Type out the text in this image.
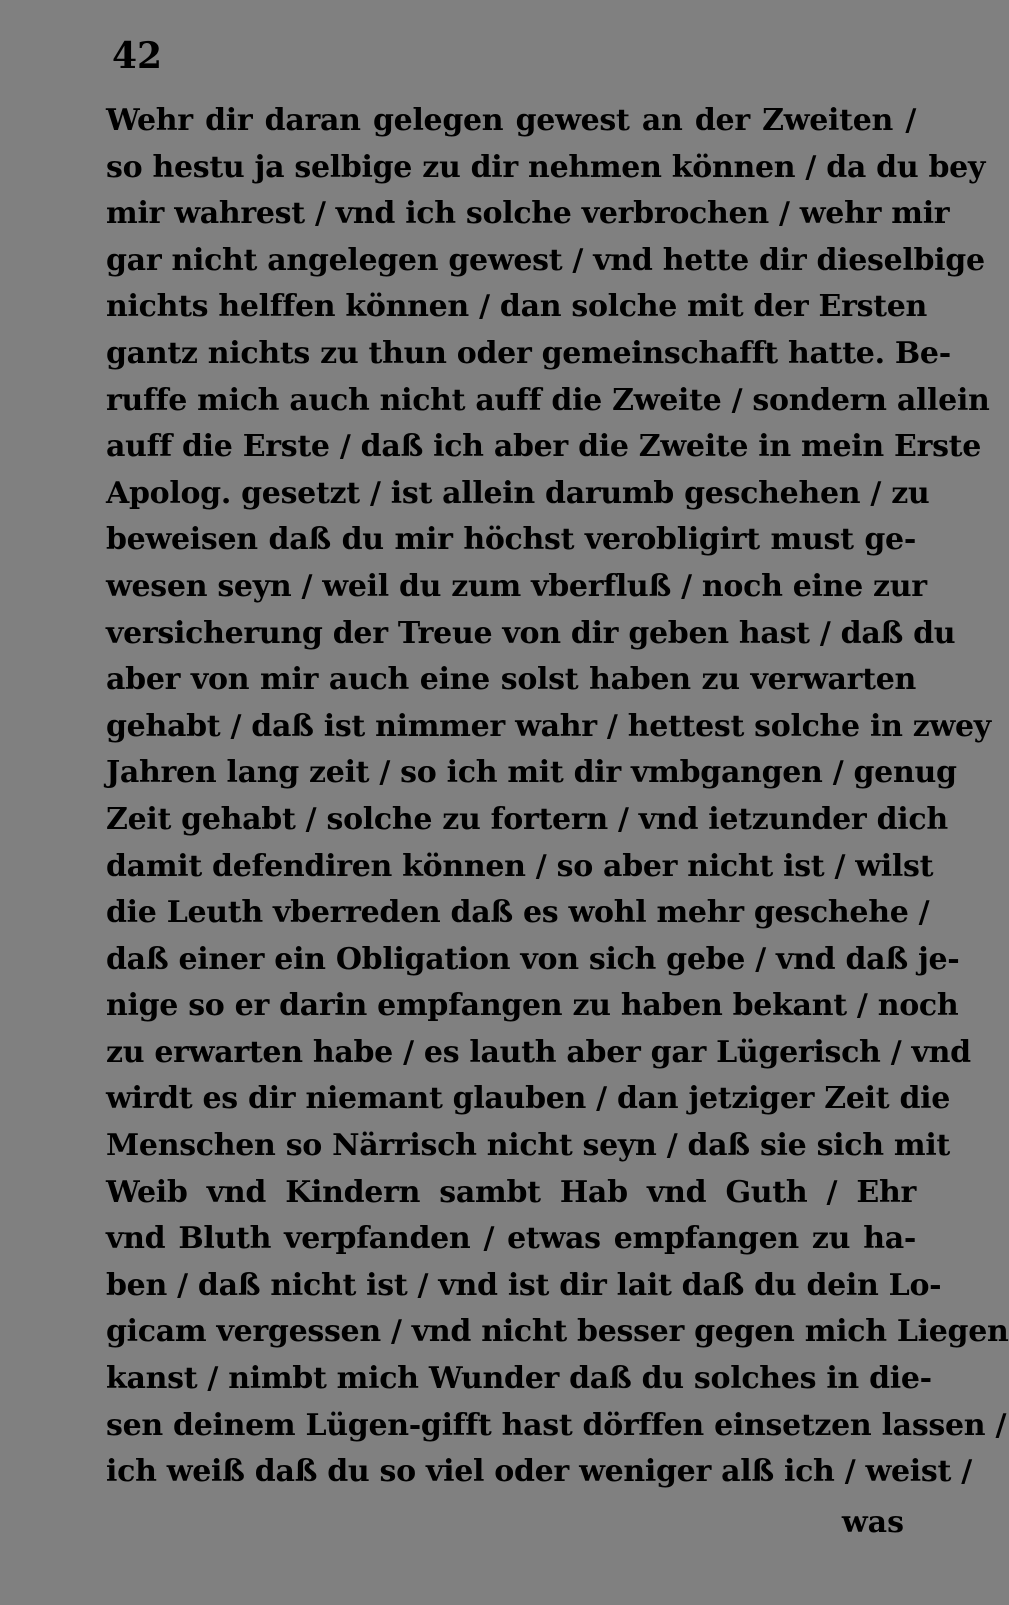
42
Wehr dir daran gelegen gewest an der Zweiten /
so hestu ja selbige zu dir nehmen können / da du bey
mir wahrest / vnd ich solche verbrochen / wehr mir
gar nicht angelegen gewest / vnd hette dir dieselbige
nichts helffen können / dan solche mit der Ersten
gantz nichts zu thun oder gemeinschafft hatte. Be-
ruffe mich auch nicht auff die Zweite / sondern allein
auff die Erste / daß ich aber die Zweite in mein Erste
Apolog. gesetzt / ist allein darumb geschehen / zu
beweisen daß du mir höchst verobligirt must ge-
wesen seyn / weil du zum vberfluß / noch eine zur
versicherung der Treue von dir geben hast / daß du
aber von mir auch eine solst haben zu verwarten
gehabt / daß ist nimmer wahr / hettest solche in zwey
Jahren lang zeit / so ich mit dir vmbgangen / genug
Zeit gehabt / solche zu fortern / vnd ietzunder dich
damit defendiren können / so aber nicht ist / wilst
die Leuth vberreden daß es wohl mehr geschehe /
daß einer ein Obligation von sich gebe / vnd daß je-
nige so er darin empfangen zu haben bekant / noch
zu erwarten habe / es lauth aber gar Lügerisch / vnd
wirdt es dir niemant glauben / dan jetziger Zeit die
Menschen so Närrisch nicht seyn / daß sie sich mit
Weib vnd Kindern sambt Hab vnd Guth / Ehr
vnd Bluth verpfanden / etwas empfangen zu ha-
ben / daß nicht ist / vnd ist dir lait daß du dein Lo-
gicam vergessen / vnd nicht besser gegen mich Liegen
kanst / nimbt mich Wunder daß du solches in die-
sen deinem Lügen-gifft hast dörffen einsetzen lassen /
ich weiß daß du so viel oder weniger alß ich / weist /
was
